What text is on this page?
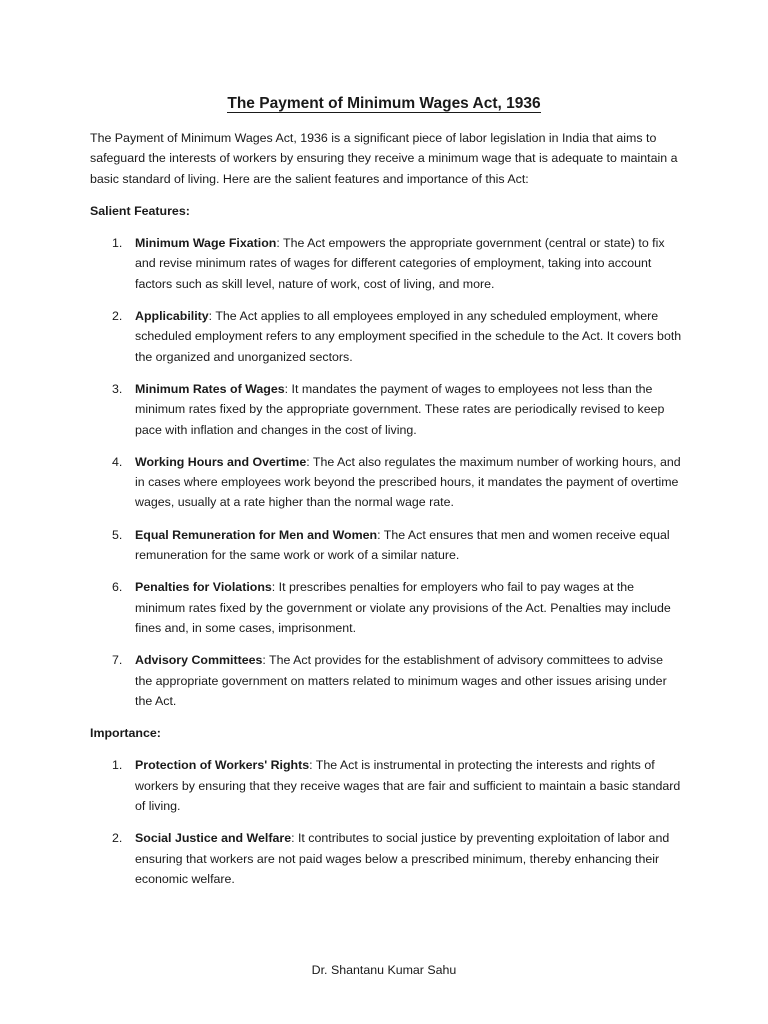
The Payment of Minimum Wages Act, 1936

The Payment of Minimum Wages Act, 1936 is a significant piece of labor legislation in India that aims to safeguard the interests of workers by ensuring they receive a minimum wage that is adequate to maintain a basic standard of living. Here are the salient features and importance of this Act:

Salient Features:

1. Minimum Wage Fixation: The Act empowers the appropriate government (central or state) to fix and revise minimum rates of wages for different categories of employment, taking into account factors such as skill level, nature of work, cost of living, and more.
2. Applicability: The Act applies to all employees employed in any scheduled employment, where scheduled employment refers to any employment specified in the schedule to the Act. It covers both the organized and unorganized sectors.
3. Minimum Rates of Wages: It mandates the payment of wages to employees not less than the minimum rates fixed by the appropriate government. These rates are periodically revised to keep pace with inflation and changes in the cost of living.
4. Working Hours and Overtime: The Act also regulates the maximum number of working hours, and in cases where employees work beyond the prescribed hours, it mandates the payment of overtime wages, usually at a rate higher than the normal wage rate.
5. Equal Remuneration for Men and Women: The Act ensures that men and women receive equal remuneration for the same work or work of a similar nature.
6. Penalties for Violations: It prescribes penalties for employers who fail to pay wages at the minimum rates fixed by the government or violate any provisions of the Act. Penalties may include fines and, in some cases, imprisonment.
7. Advisory Committees: The Act provides for the establishment of advisory committees to advise the appropriate government on matters related to minimum wages and other issues arising under the Act.

Importance:

1. Protection of Workers' Rights: The Act is instrumental in protecting the interests and rights of workers by ensuring that they receive wages that are fair and sufficient to maintain a basic standard of living.
2. Social Justice and Welfare: It contributes to social justice by preventing exploitation of labor and ensuring that workers are not paid wages below a prescribed minimum, thereby enhancing their economic welfare.
Dr. Shantanu Kumar Sahu
